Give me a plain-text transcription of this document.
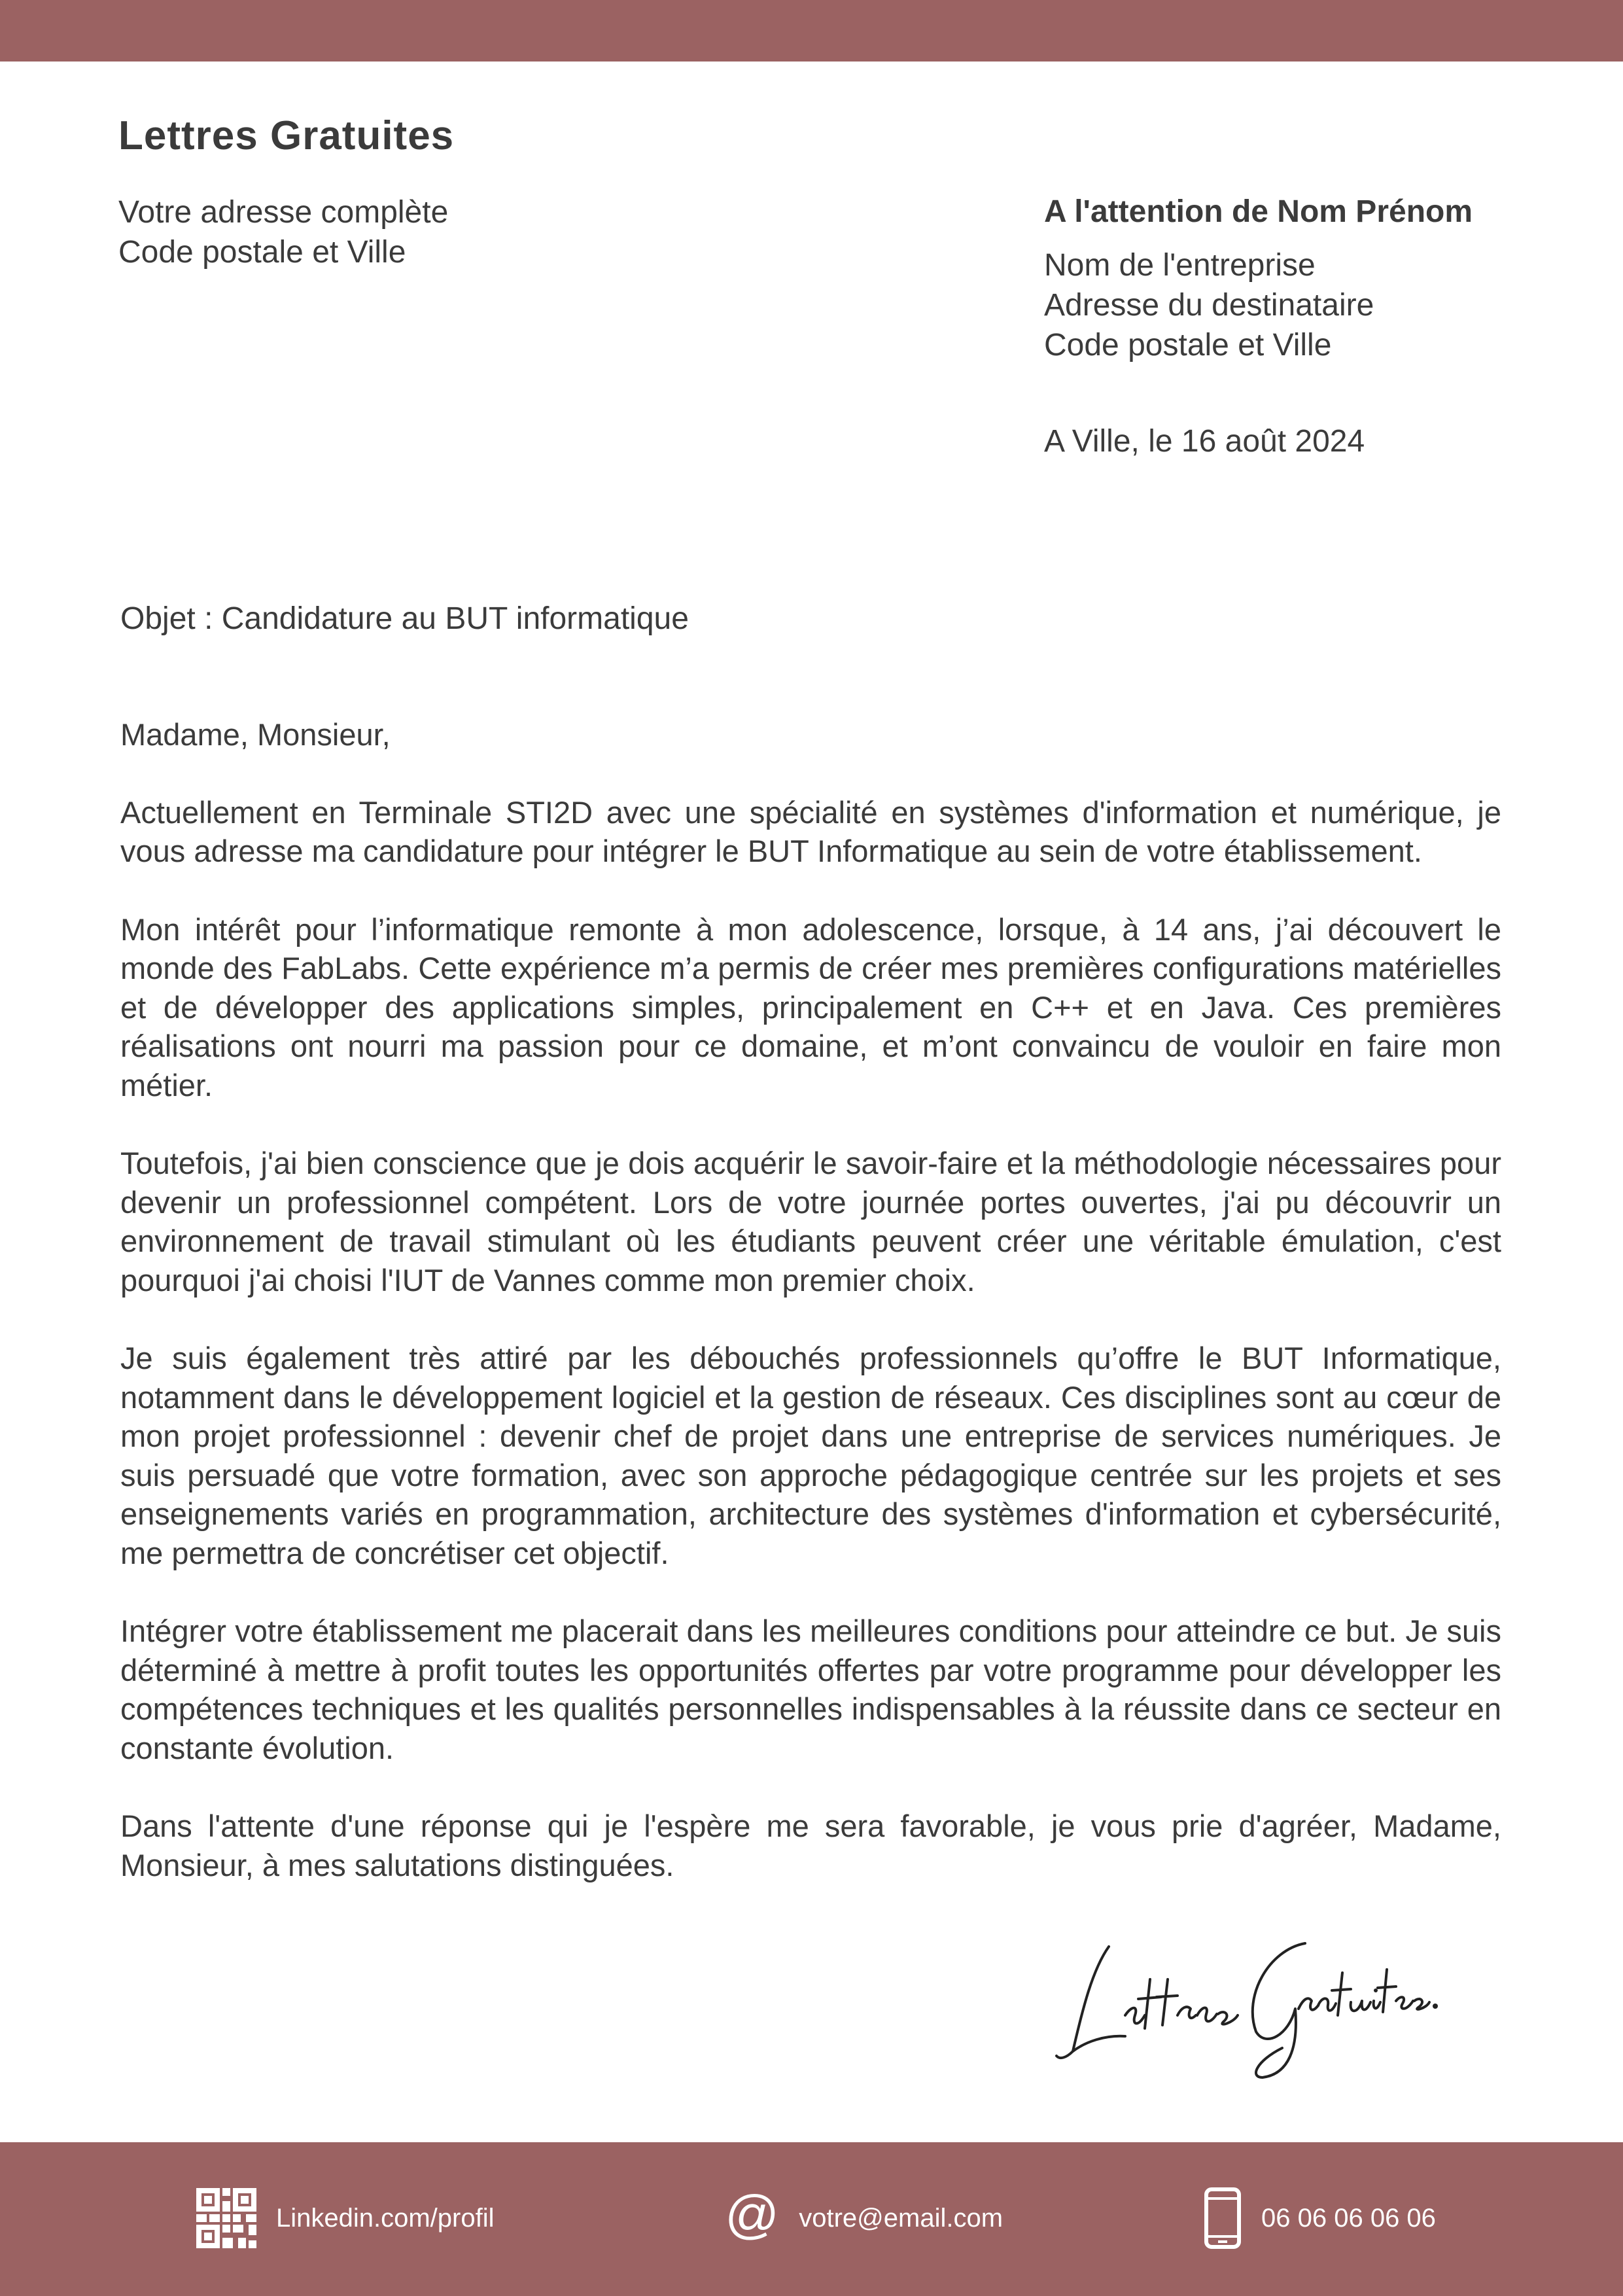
Lettres Gratuites
Votre adresse complète
Code postale et Ville
A l'attention de Nom Prénom
Nom de l'entreprise
Adresse du destinataire
Code postale et Ville
A Ville, le 16 août 2024
Objet : Candidature au BUT informatique

Madame, Monsieur,

Actuellement en Terminale STI2D avec une spécialité en systèmes d'information et numérique, je vous adresse ma candidature pour intégrer le BUT Informatique au sein de votre établissement.

Mon intérêt pour l’informatique remonte à mon adolescence, lorsque, à 14 ans, j’ai découvert le monde des FabLabs. Cette expérience m’a permis de créer mes premières configurations matérielles et de développer des applications simples, principalement en C++ et en Java. Ces premières réalisations ont nourri ma passion pour ce domaine, et m’ont convaincu de vouloir en faire mon métier.

Toutefois, j'ai bien conscience que je dois acquérir le savoir-faire et la méthodologie nécessaires pour devenir un professionnel compétent. Lors de votre journée portes ouvertes, j'ai pu découvrir un environnement de travail stimulant où les étudiants peuvent créer une véritable émulation, c'est pourquoi j'ai choisi l'IUT de Vannes comme mon premier choix.

Je suis également très attiré par les débouchés professionnels qu’offre le BUT Informatique, notamment dans le développement logiciel et la gestion de réseaux. Ces disciplines sont au cœur de mon projet professionnel : devenir chef de projet dans une entreprise de services numériques. Je suis persuadé que votre formation, avec son approche pédagogique centrée sur les projets et ses enseignements variés en programmation, architecture des systèmes d'information et cybersécurité, me permettra de concrétiser cet objectif.

Intégrer votre établissement me placerait dans les meilleures conditions pour atteindre ce but. Je suis déterminé à mettre à profit toutes les opportunités offertes par votre programme pour développer les compétences techniques et les qualités personnelles indispensables à la réussite dans ce secteur en constante évolution.

Dans l'attente d'une réponse qui je l'espère me sera favorable, je vous prie d'agréer, Madame, Monsieur, à mes salutations distinguées.

Linkedin.com/profil	@ votre@email.com	06 06 06 06 06
